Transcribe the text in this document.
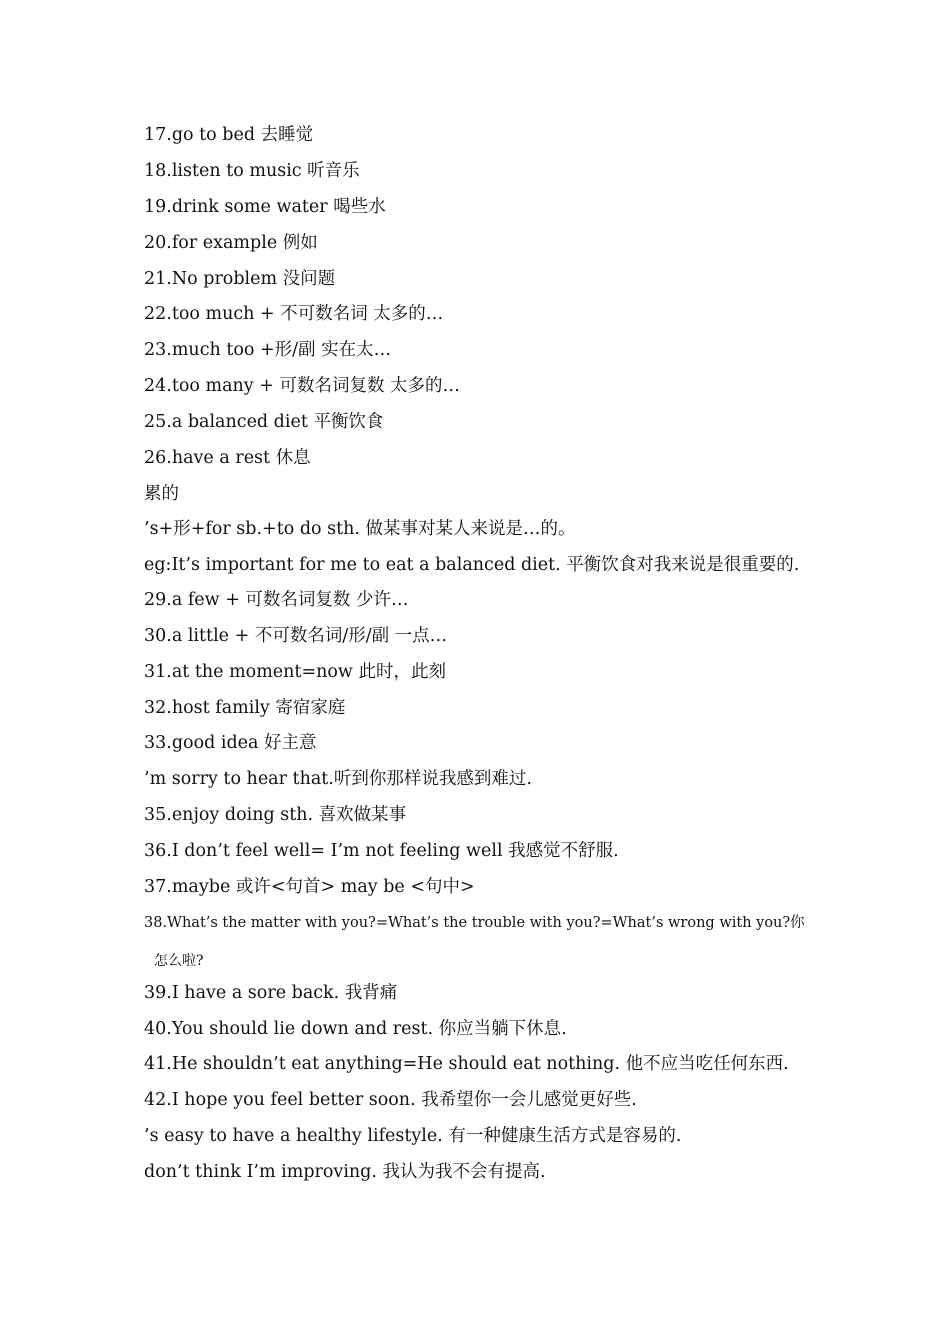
17.go to bed 去睡觉
18.listen to music 听音乐
19.drink some water 喝些水
20.for example 例如
21.No problem 没问题
22.too much + 不可数名词 太多的…
23.much too +形/副 实在太…
24.too many + 可数名词复数 太多的…
25.a balanced diet 平衡饮食
26.have a rest 休息
累的
’s+形+for sb.+to do sth. 做某事对某人来说是…的。
eg:It’s important for me to eat a balanced diet. 平衡饮食对我来说是很重要的.
29.a few + 可数名词复数 少许…
30.a little + 不可数名词/形/副 一点…
31.at the moment=now 此时，此刻
32.host family 寄宿家庭
33.good idea 好主意
’m sorry to hear that.听到你那样说我感到难过.
35.enjoy doing sth. 喜欢做某事
36.I don’t feel well= I’m not feeling well 我感觉不舒服.
37.maybe 或许<句首> may be <句中>
38.What’s the matter with you?=What’s the trouble with you?=What’s wrong with you?你
怎么啦?
39.I have a sore back. 我背痛
40.You should lie down and rest. 你应当躺下休息.
41.He shouldn’t eat anything=He should eat nothing. 他不应当吃任何东西.
42.I hope you feel better soon. 我希望你一会儿感觉更好些.
’s easy to have a healthy lifestyle. 有一种健康生活方式是容易的.
don’t think I’m improving. 我认为我不会有提高.
